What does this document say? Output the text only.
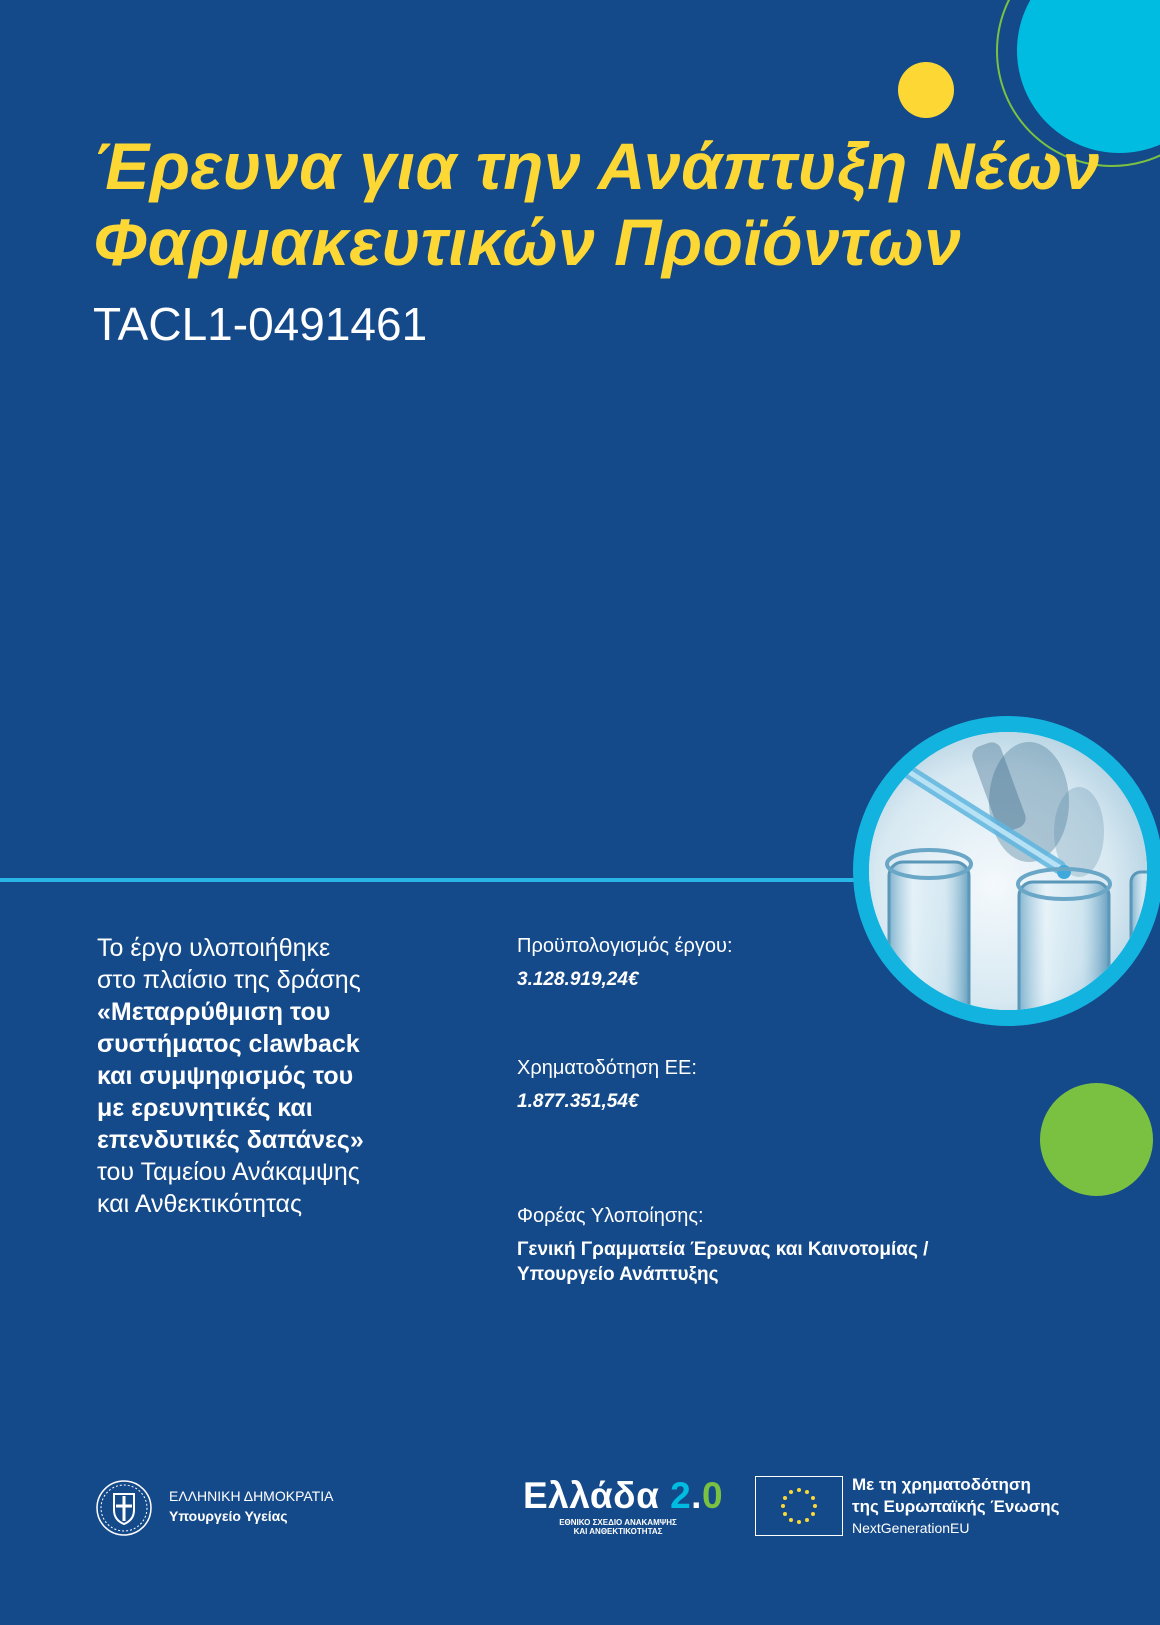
Έρευνα για την Ανάπτυξη Νέων
Φαρμακευτικών Προϊόντων
TACL1-0491461
Το έργο υλοποιήθηκε
στο πλαίσιο της δράσης
«Μεταρρύθμιση του
συστήματος clawback
και συμψηφισμός του
με ερευνητικές και
επενδυτικές δαπάνες»
του Ταμείου Ανάκαμψης
και Ανθεκτικότητας

Προϋπολογισμός έργου:

3.128.919,24€

Χρηματοδότηση ΕΕ:

1.877.351,54€

Φορέας Υλοποίησης:

Γενική Γραμματεία Έρευνας και Καινοτομίας /

Υπουργείο Ανάπτυξης

ΕΛΛΗΝΙΚΗ ΔΗΜΟΚΡΑΤΙΑ
Υπουργείο Υγείας	Ελλάδα 2.0
ΕΘΝΙΚΟ ΣΧΕΔΙΟ ΑΝΑΚΑΜΨΗΣ
ΚΑΙ ΑΝΘΕΚΤΙΚΟΤΗΤΑΣ
Με τη χρηματοδότηση
της Ευρωπαϊκής Ένωσης
NextGenerationEU
